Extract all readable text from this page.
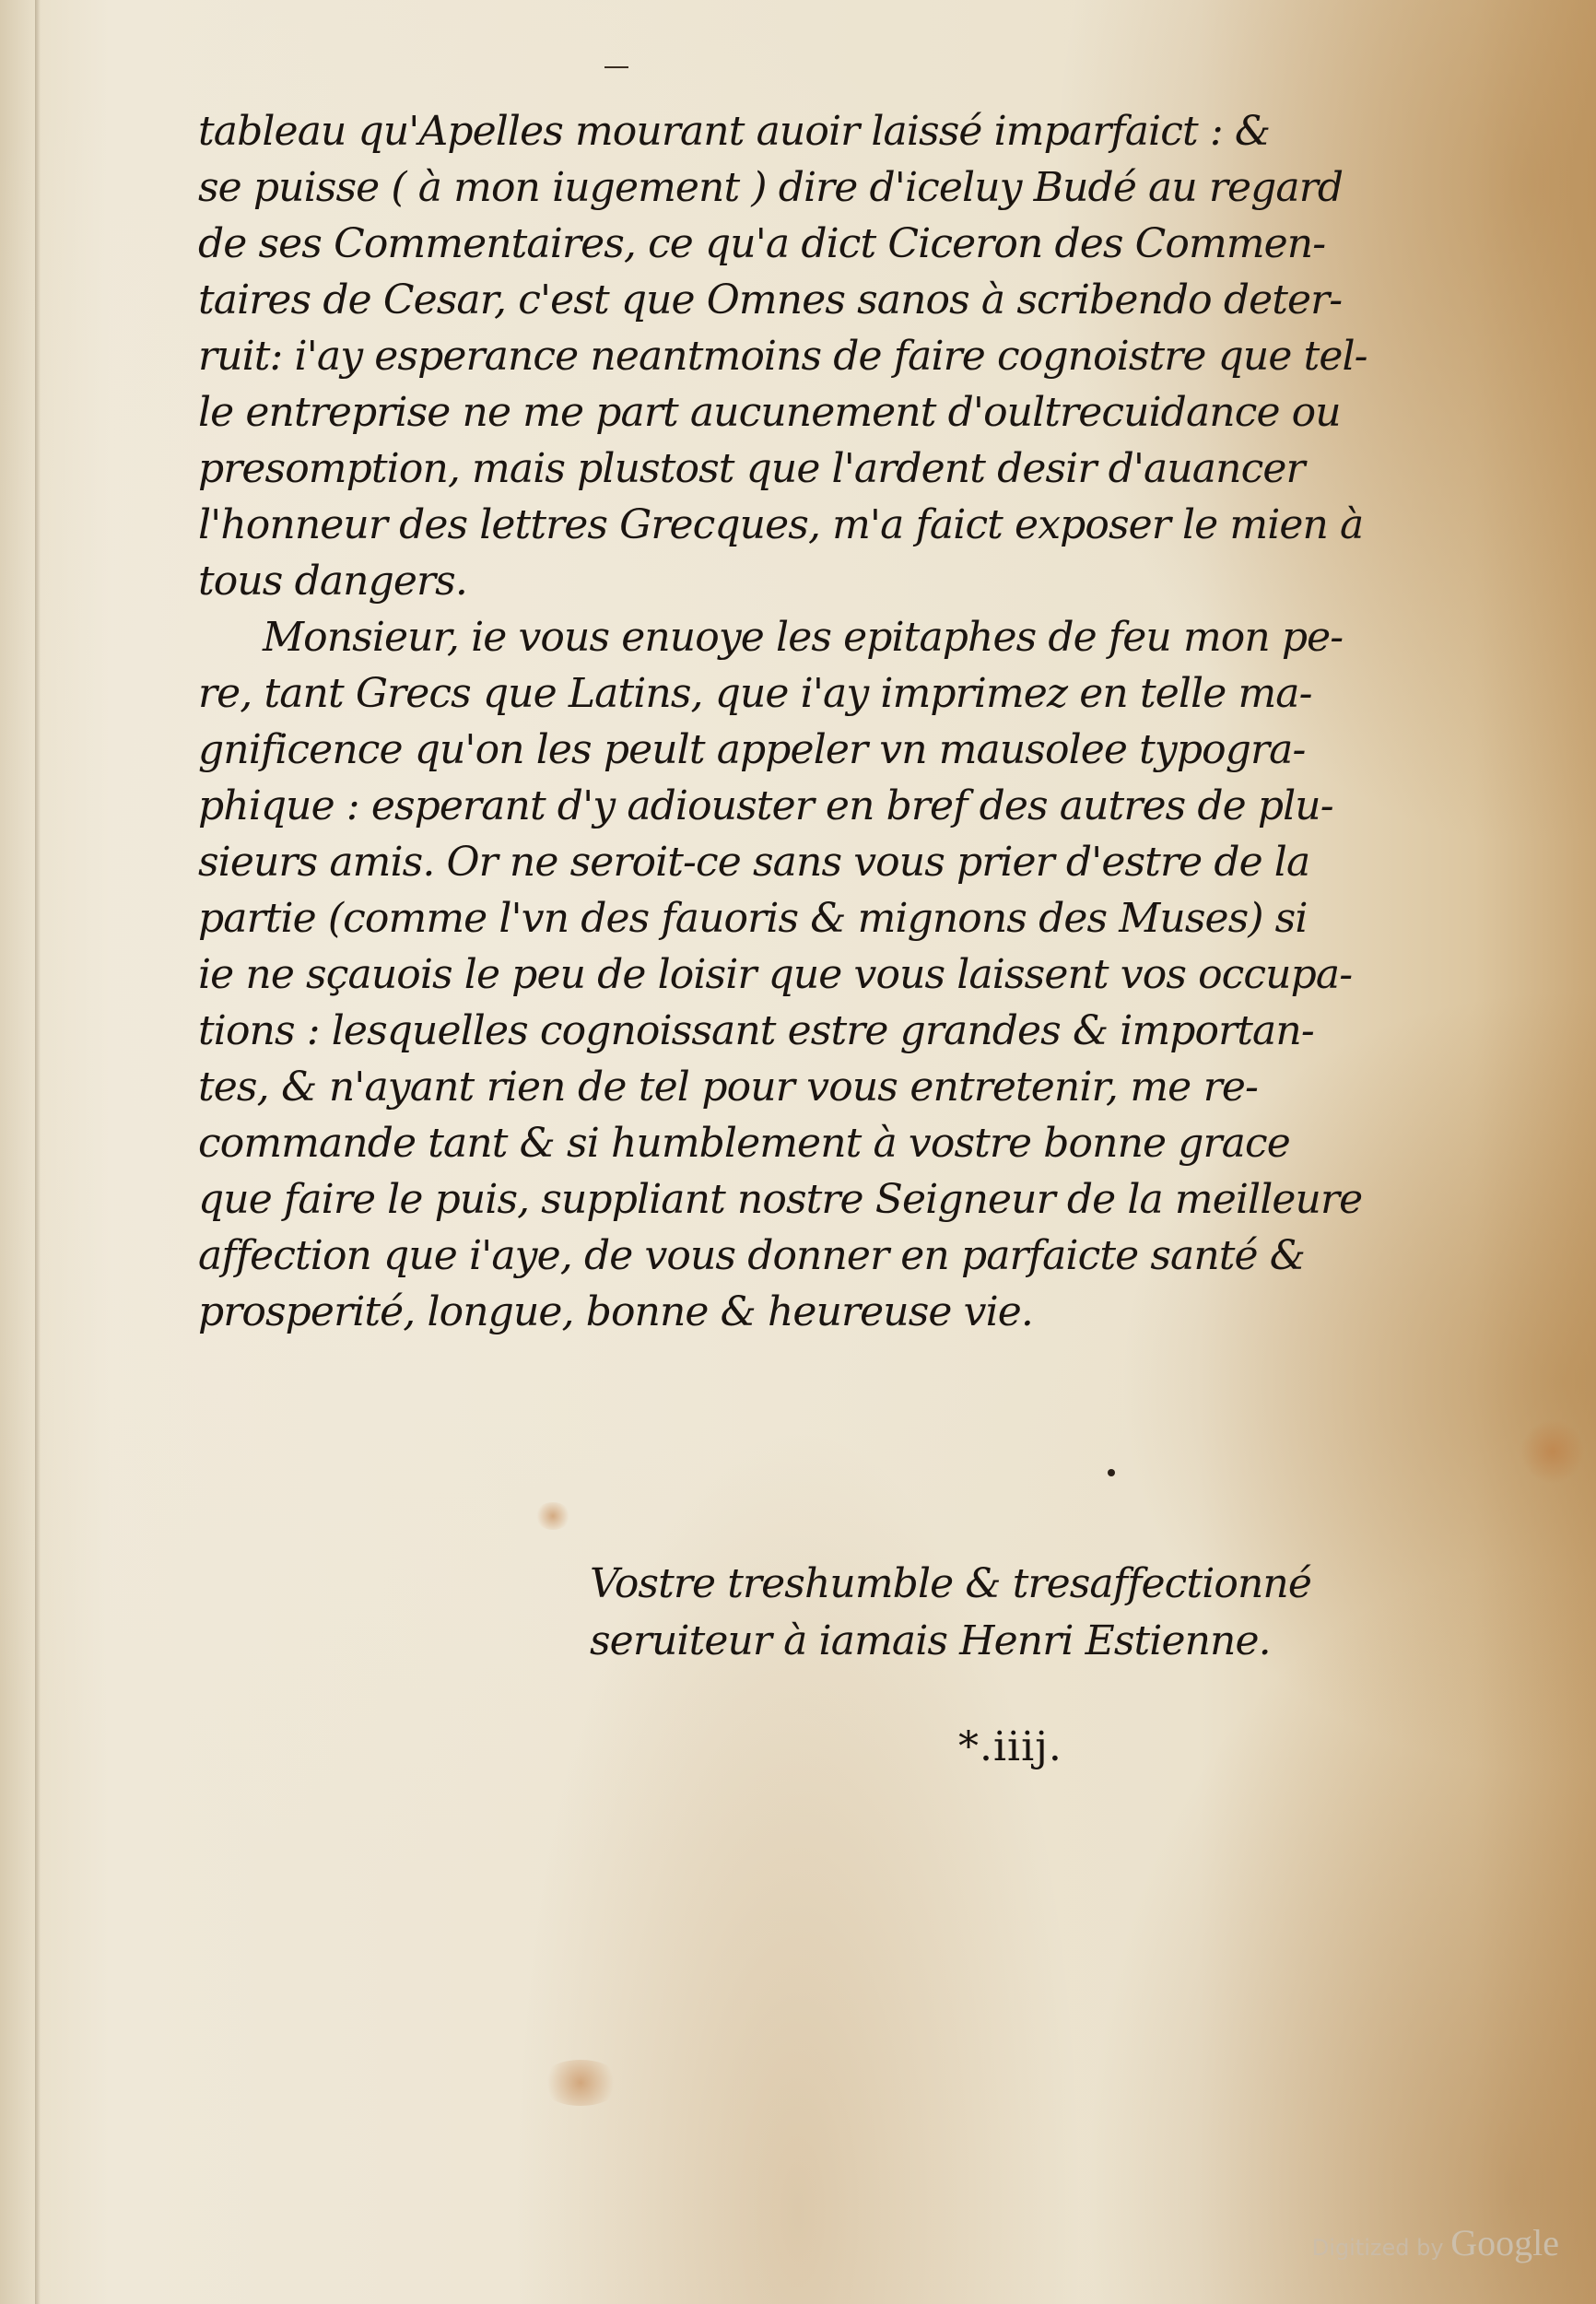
tableau qu'Apelles mourant auoir laissé imparfaict : &
se puisse ( à mon iugement ) dire d'iceluy Budé au regard
de ses Commentaires, ce qu'a dict Ciceron des Commen-
taires de Cesar, c'est que Omnes sanos à scribendo deter-
ruit: i'ay esperance neantmoins de faire cognoistre que tel-
le entreprise ne me part aucunement d'oultrecuidance ou
presomption, mais plustost que l'ardent desir d'auancer
l'honneur des lettres Grecques, m'a faict exposer le mien à
tous dangers.
Monsieur, ie vous enuoye les epitaphes de feu mon pe-
re, tant Grecs que Latins, que i'ay imprimez en telle ma-
gnificence qu'on les peult appeler vn mausolee typogra-
phique : esperant d'y adiouster en bref des autres de plu-
sieurs amis. Or ne seroit-ce sans vous prier d'estre de la
partie (comme l'vn des fauoris & mignons des Muses) si
ie ne sçauois le peu de loisir que vous laissent vos occupa-
tions : lesquelles cognoissant estre grandes & importan-
tes, & n'ayant rien de tel pour vous entretenir, me re-
commande tant & si humblement à vostre bonne grace
que faire le puis, suppliant nostre Seigneur de la meilleure
affection que i'aye, de vous donner en parfaicte santé &
prosperité, longue, bonne & heureuse vie.
Vostre treshumble & tresaffectionné
seruiteur à iamais Henri Estienne.
*.iiij.
Digitized by Google
